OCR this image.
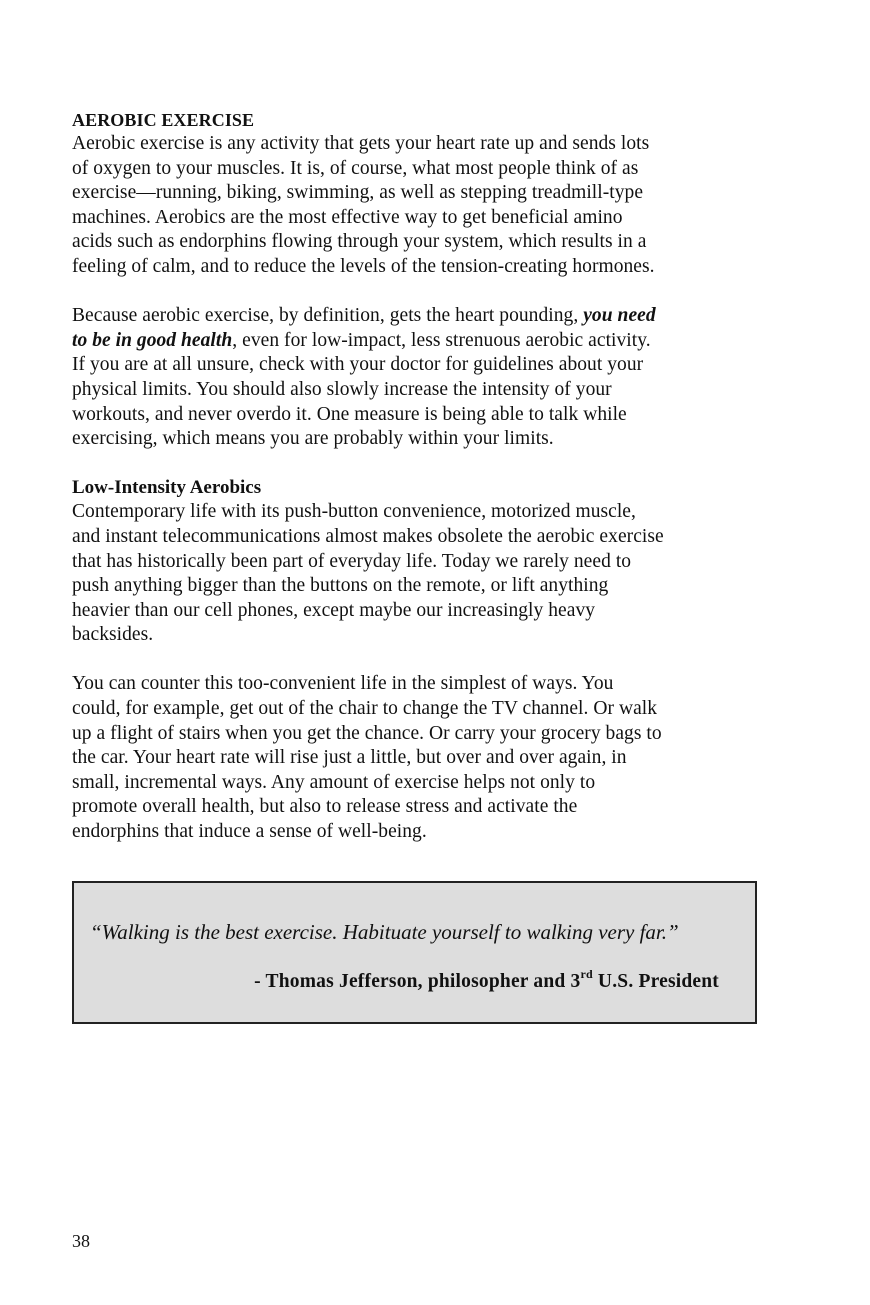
AEROBIC EXERCISE

Aerobic exercise is any activity that gets your heart rate up and sends lots

of oxygen to your muscles. It is, of course, what most people think of as

exercise—running, biking, swimming, as well as stepping treadmill-type

machines. Aerobics are the most effective way to get beneficial amino

acids such as endorphins flowing through your system, which results in a

feeling of calm, and to reduce the levels of the tension-creating hormones.

Because aerobic exercise, by definition, gets the heart pounding, you need

to be in good health, even for low-impact, less strenuous aerobic activity.

If you are at all unsure, check with your doctor for guidelines about your

physical limits. You should also slowly increase the intensity of your

workouts, and never overdo it. One measure is being able to talk while

exercising, which means you are probably within your limits.

Low-Intensity Aerobics

Contemporary life with its push-button convenience, motorized muscle,

and instant telecommunications almost makes obsolete the aerobic exercise

that has historically been part of everyday life. Today we rarely need to

push anything bigger than the buttons on the remote, or lift anything

heavier than our cell phones, except maybe our increasingly heavy

backsides.

You can counter this too-convenient life in the simplest of ways. You

could, for example, get out of the chair to change the TV channel. Or walk

up a flight of stairs when you get the chance. Or carry your grocery bags to

the car. Your heart rate will rise just a little, but over and over again, in

small, incremental ways. Any amount of exercise helps not only to

promote overall health, but also to release stress and activate the

endorphins that induce a sense of well-being.

“Walking is the best exercise. Habituate yourself to walking very far.”
- Thomas Jefferson, philosopher and 3rd U.S. President
38
